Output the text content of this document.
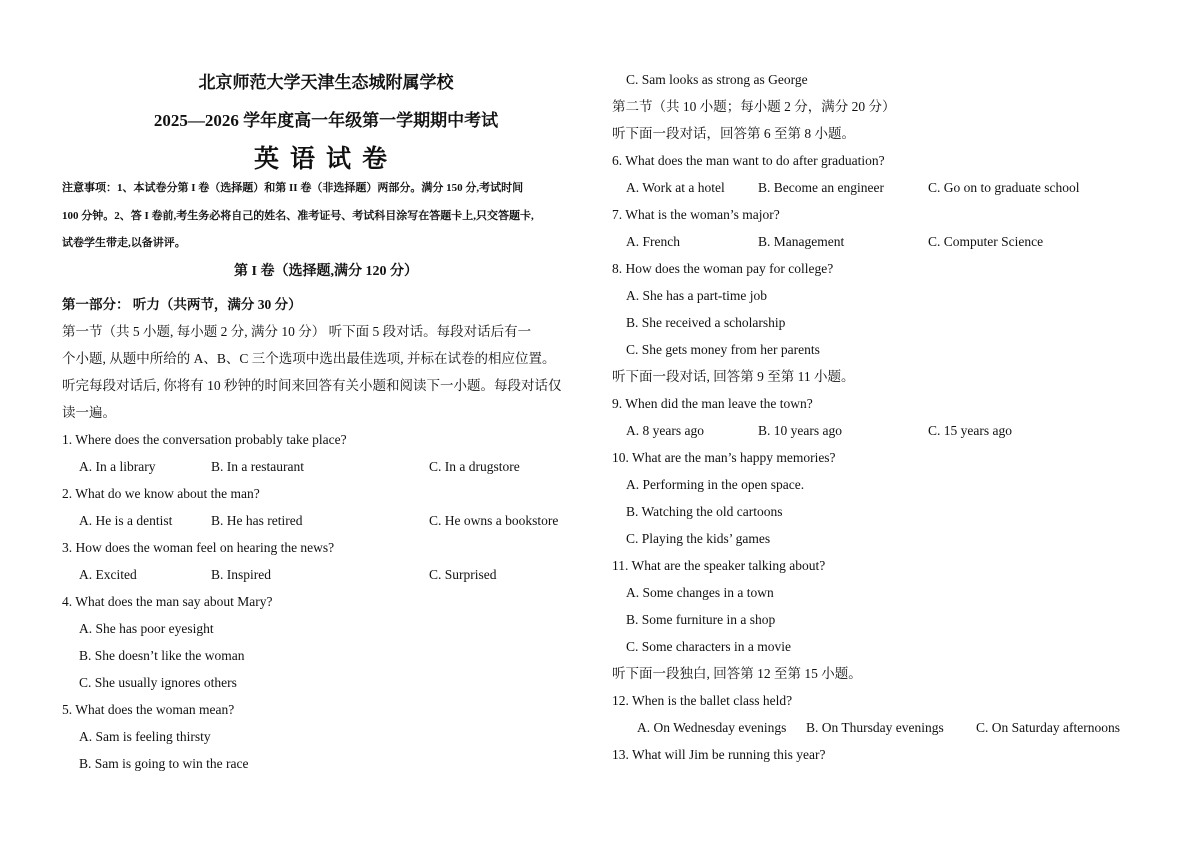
北京师范大学天津生态城附属学校
2025—2026 学年度高一年级第一学期期中考试
英语试卷
注意事项：1、本试卷分第 I 卷（选择题）和第 II 卷（非选择题）两部分。满分 150 分,考试时间
100 分钟。2、答 I 卷前,考生务必将自己的姓名、准考证号、考试科目涂写在答题卡上,只交答题卡,
试卷学生带走,以备讲评。
第 I 卷（选择题,满分 120 分）
第一部分： 听力（共两节，满分 30 分）
第一节（共 5 小题, 每小题 2 分, 满分 10 分） 听下面 5 段对话。每段对话后有一
个小题, 从题中所给的 A、B、C 三个选项中选出最佳选项, 并标在试卷的相应位置。
听完每段对话后, 你将有 10 秒钟的时间来回答有关小题和阅读下一小题。每段对话仅
读一遍。
1. Where does the conversation probably take place?
A. In a library	B. In a restaurant	C. In a drugstore
2. What do we know about the man?
A. He is a dentist	B. He has retired	C. He owns a bookstore
3. How does the woman feel on hearing the news?
A. Excited	B. Inspired	C. Surprised
4. What does the man say about Mary?
A. She has poor eyesight
B. She doesn’t like the woman
C. She usually ignores others
5. What does the woman mean?
A. Sam is feeling thirsty
B. Sam is going to win the race
C. Sam looks as strong as George
第二节（共 10 小题；每小题 2 分，满分 20 分）
听下面一段对话，回答第 6 至第 8 小题。
6. What does the man want to do after graduation?
A. Work at a hotel B. Become an engineer	C. Go on to graduate school
7. What is the woman’s major?
A. French	B. Management	C. Computer Science
8. How does the woman pay for college?
A. She has a part-time job
B. She received a scholarship
C. She gets money from her parents
听下面一段对话, 回答第 9 至第 11 小题。
9. When did the man leave the town?
A. 8 years ago	B. 10 years ago	C. 15 years ago
10. What are the man’s happy memories?
A. Performing in the open space.
B. Watching the old cartoons
C. Playing the kids’ games
11. What are the speaker talking about?
A. Some changes in a town
B. Some furniture in a shop
C. Some characters in a movie
听下面一段独白, 回答第 12 至第 15 小题。
12. When is the ballet class held?
A. On Wednesday evenings B. On Thursday evenings C. On Saturday afternoons
13. What will Jim be running this year?
